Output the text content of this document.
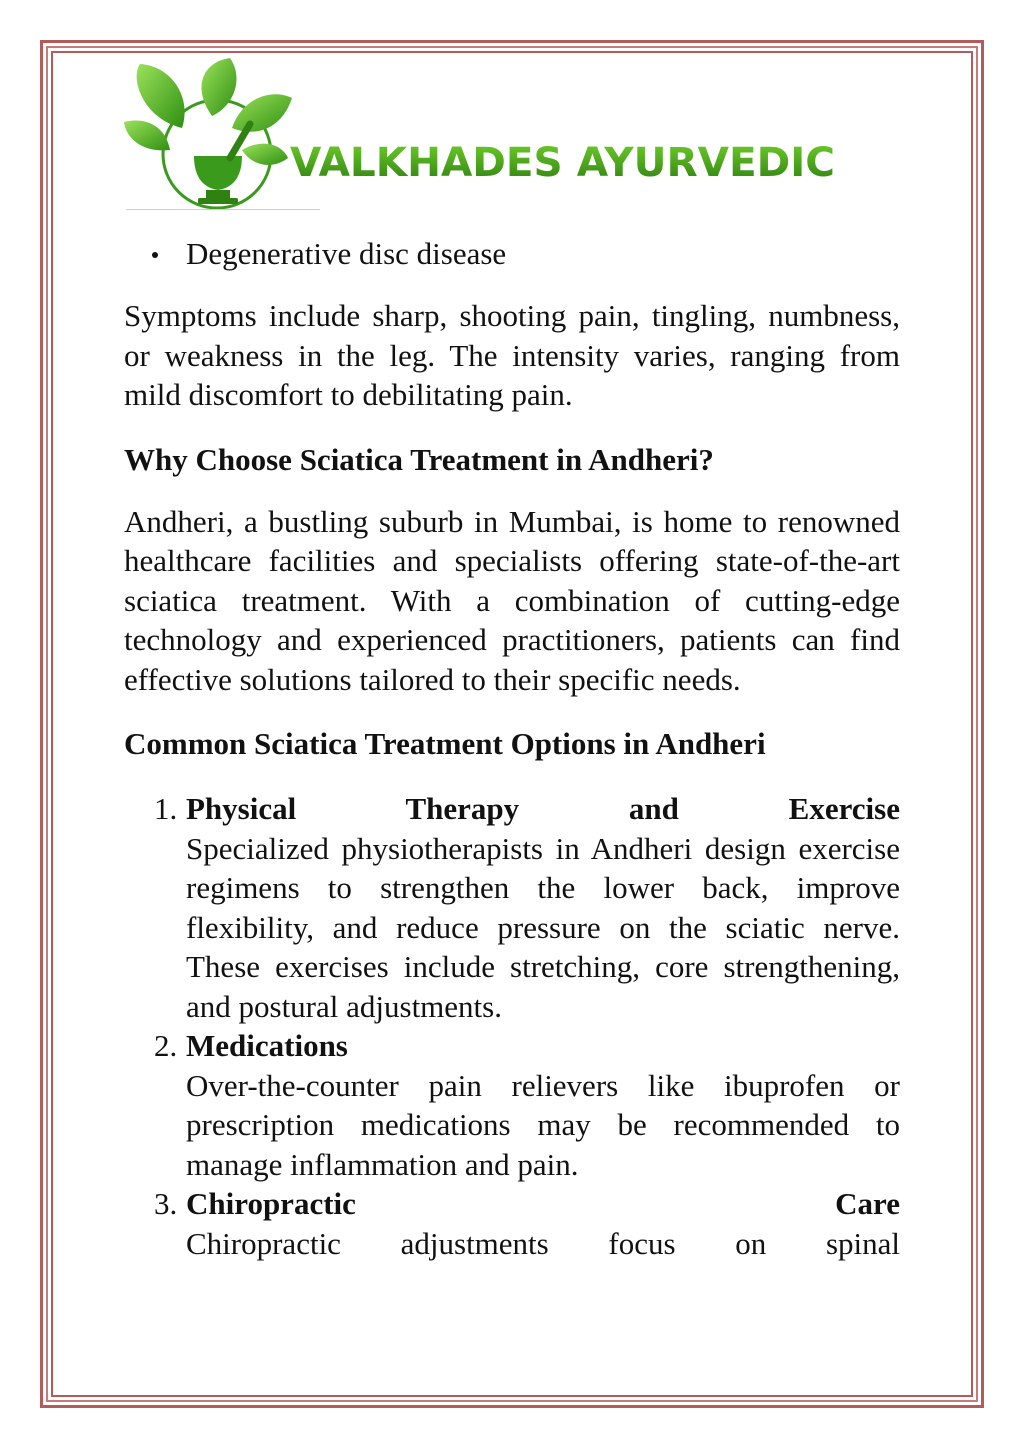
VALKHADES AYURVEDIC
Degenerative disc disease

Symptoms include sharp, shooting pain, tingling, numbness, or weakness in the leg. The intensity varies, ranging from mild discomfort to debilitating pain.

Why Choose Sciatica Treatment in Andheri?

Andheri, a bustling suburb in Mumbai, is home to renowned healthcare facilities and specialists offering state-of-the-art sciatica treatment. With a combination of cutting-edge technology and experienced practitioners, patients can find effective solutions tailored to their specific needs.

Common Sciatica Treatment Options in Andheri
1. Physical Therapy and Exercise
Specialized physiotherapists in Andheri design exercise regimens to strengthen the lower back, improve flexibility, and reduce pressure on the sciatic nerve. These exercises include stretching, core strengthening, and postural adjustments.
2. Medications
Over-the-counter pain relievers like ibuprofen or prescription medications may be recommended to manage inflammation and pain.
3. Chiropractic Care
Chiropractic adjustments focus on spinal
